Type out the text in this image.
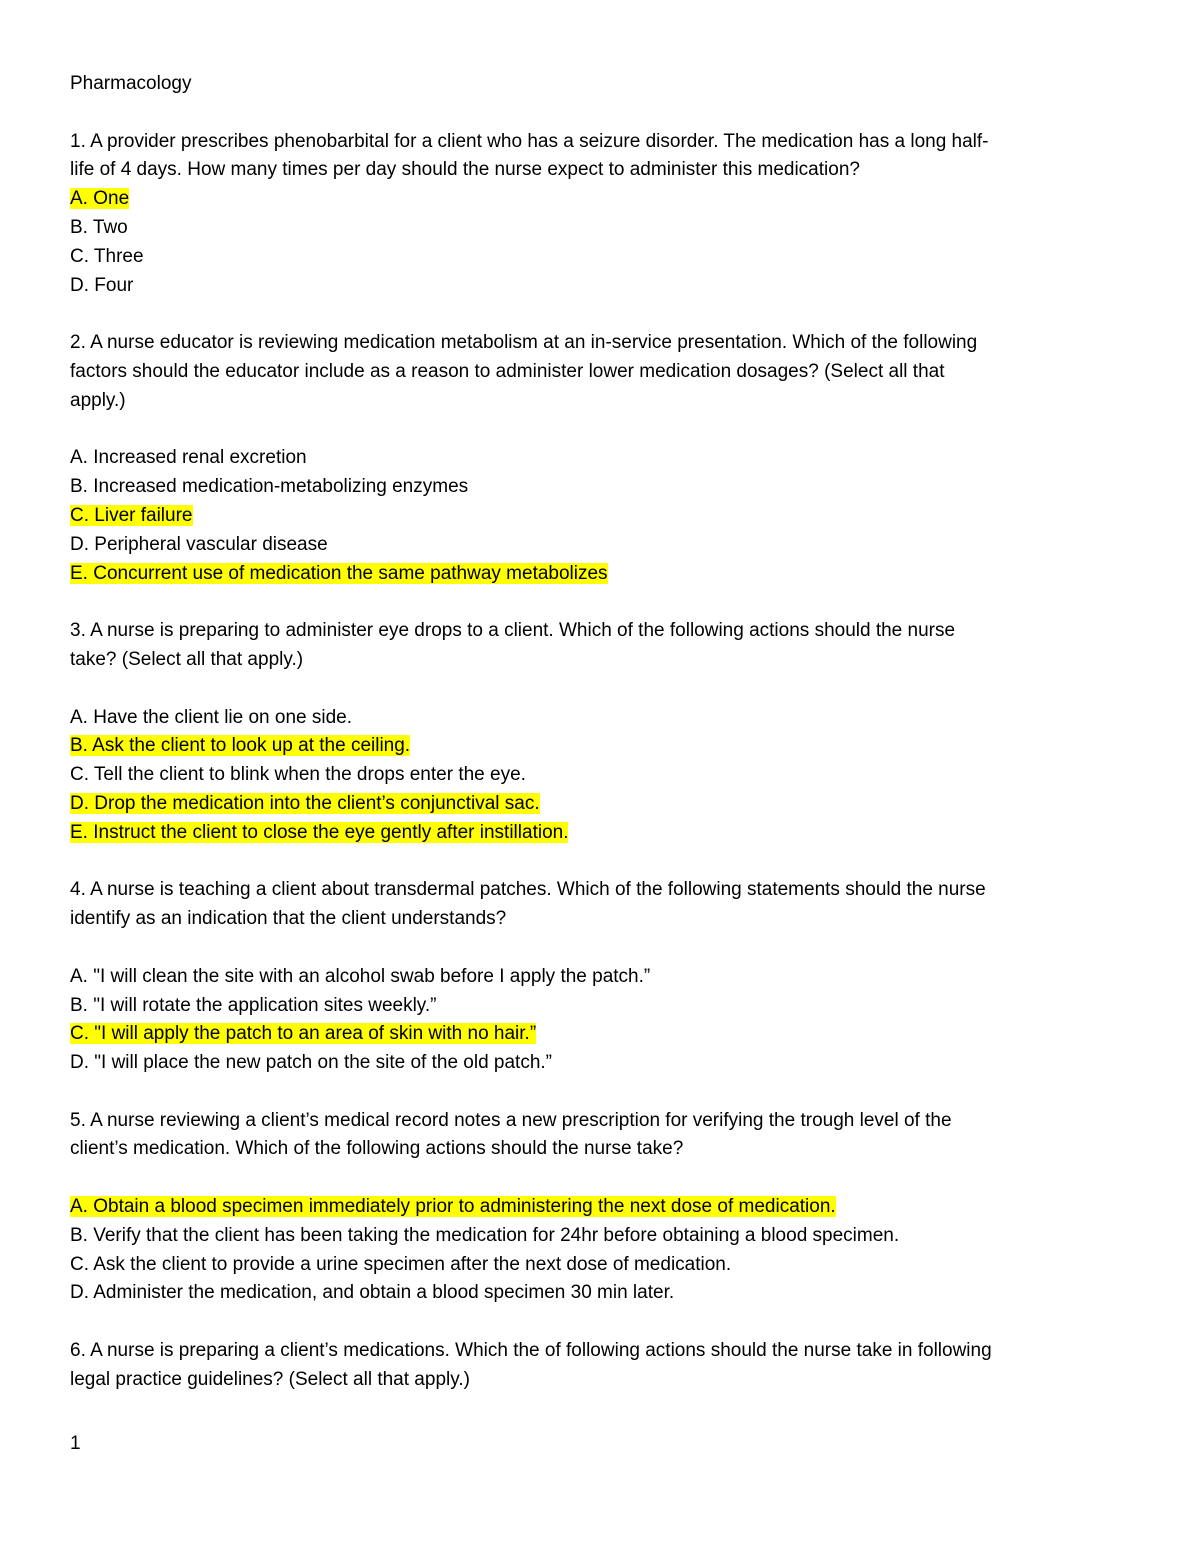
Pharmacology
1. A provider prescribes phenobarbital for a client who has a seizure disorder. The medication has a long half-
life of 4 days. How many times per day should the nurse expect to administer this medication?
A. One
B. Two
C. Three
D. Four
2. A nurse educator is reviewing medication metabolism at an in-service presentation. Which of the following
factors should the educator include as a reason to administer lower medication dosages? (Select all that
apply.)
A. Increased renal excretion
B. Increased medication-metabolizing enzymes
C. Liver failure
D. Peripheral vascular disease
E. Concurrent use of medication the same pathway metabolizes
3. A nurse is preparing to administer eye drops to a client. Which of the following actions should the nurse
take? (Select all that apply.)
A. Have the client lie on one side.
B. Ask the client to look up at the ceiling.
C. Tell the client to blink when the drops enter the eye.
D. Drop the medication into the client’s conjunctival sac.
E. Instruct the client to close the eye gently after instillation.
4. A nurse is teaching a client about transdermal patches. Which of the following statements should the nurse
identify as an indication that the client understands?
A. "I will clean the site with an alcohol swab before I apply the patch.”
B. "I will rotate the application sites weekly.”
C. "I will apply the patch to an area of skin with no hair.”
D. "I will place the new patch on the site of the old patch.”
5. A nurse reviewing a client’s medical record notes a new prescription for verifying the trough level of the
client’s medication. Which of the following actions should the nurse take?
A. Obtain a blood specimen immediately prior to administering the next dose of medication.
B. Verify that the client has been taking the medication for 24hr before obtaining a blood specimen.
C. Ask the client to provide a urine specimen after the next dose of medication.
D. Administer the medication, and obtain a blood specimen 30 min later.
6. A nurse is preparing a client’s medications. Which the of following actions should the nurse take in following
legal practice guidelines? (Select all that apply.)
1
